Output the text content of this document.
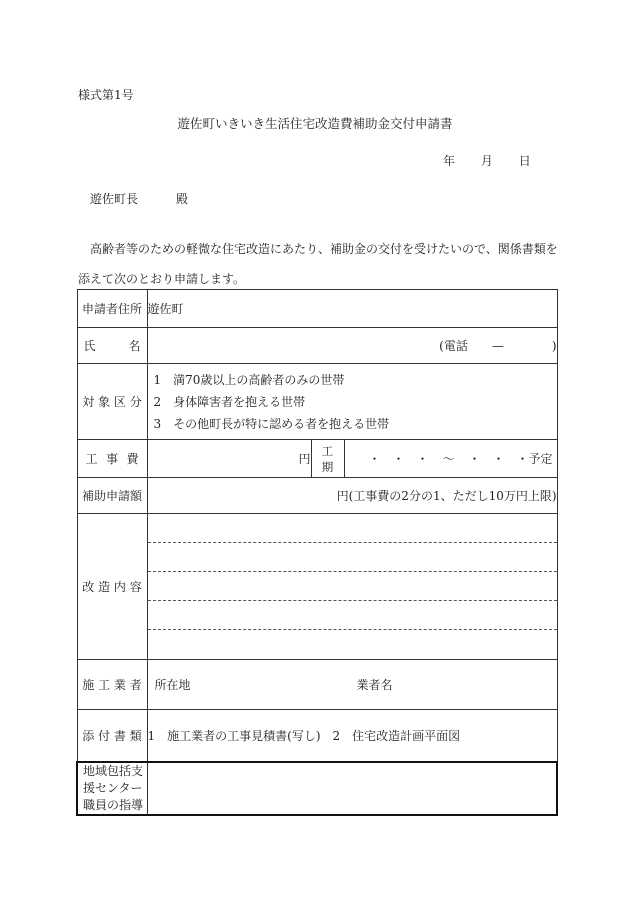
様式第1号
遊佐町いきいき生活住宅改造費補助金交付申請書
年 月 日
遊佐町長	殿
高齢者等のための軽微な住宅改造にあたり、補助金の交付を受けたいので、関係書類を
添えて次のとおり申請します。
申請者住所	遊佐町		

氏 名	(電話　　—　　　　)		
対 象 区 分	1　満70歳以上の高齢者のみの世帯
2　身体障害者を抱える世帯
3　その他町長が特に認める者を抱える世帯		

工 事 費	円	工　期	・　・　・ 〜 ・　・　・予定

補助申請額	円(工事費の2分の1、ただし10万円上限)		
改 造 内 容			

施 工 業 者	所在地 業者名		

添 付 書 類	1　施工業者の工事見積書(写し)　2　住宅改造計画平面図		

地域包括支
援センター
職員の指導			
